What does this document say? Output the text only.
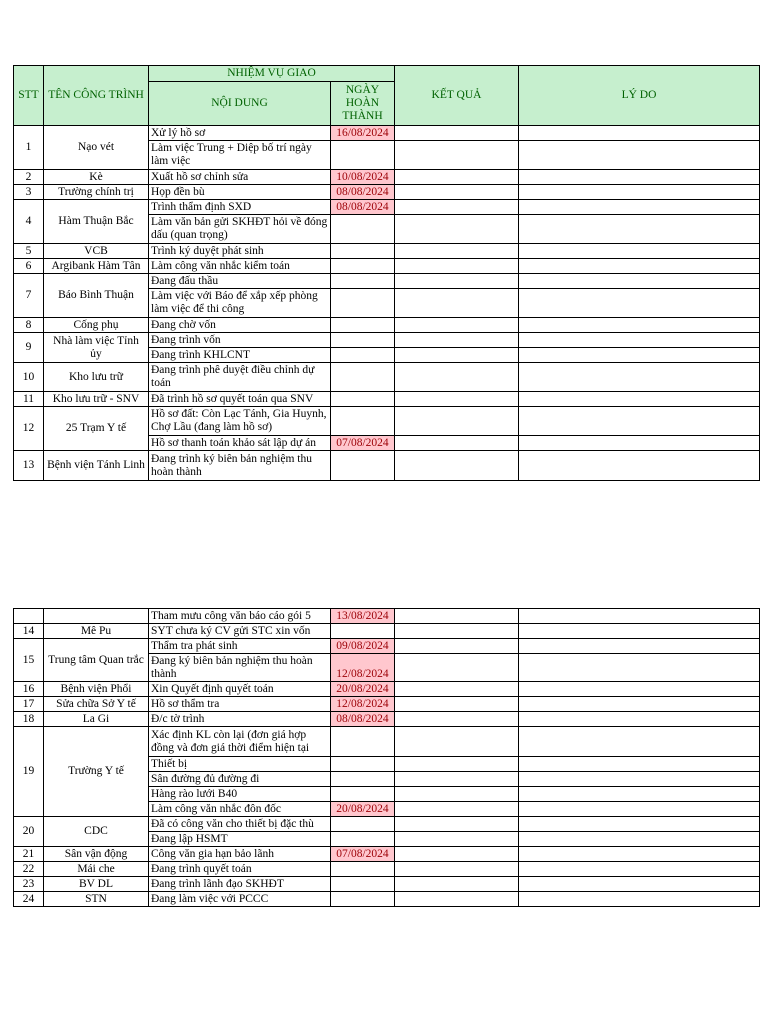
STT	TÊN CÔNG TRÌNH	NHIỆM VỤ GIAO		KẾT QUẢ	LÝ DO
		NỘI DUNG	NGÀY HOÀN THÀNH		
1	Nạo vét	Xử lý hồ sơ	16/08/2024		
		Làm việc Trung + Diệp bố trí ngày làm việc			
2	Kè	Xuất hồ sơ chỉnh sửa	10/08/2024		
3	Trường chính trị	Họp đền bù	08/08/2024		
4	Hàm Thuận Bắc	Trình thẩm định SXD	08/08/2024		
		Làm văn bản gửi SKHĐT hỏi về đóng dấu (quan trọng)			
5	VCB	Trình ký duyệt phát sinh			
6	Argibank Hàm Tân	Làm công văn nhắc kiểm toán			
7	Báo Bình Thuận	Đang đấu thầu			
		Làm việc với Báo để xắp xếp phòng làm việc để thi công			
8	Cống phụ	Đang chờ vốn			
9	Nhà làm việc Tỉnh ủy	Đang trình vốn			
		Đang trình KHLCNT			
10	Kho lưu trữ	Đang trình phê duyệt điều chỉnh dự toán			
11	Kho lưu trữ - SNV	Đã trình hồ sơ quyết toán qua SNV			
12	25 Trạm Y tế	Hồ sơ đất: Còn Lạc Tánh, Gia Huynh, Chợ Lầu (đang làm hồ sơ)			
		Hồ sơ thanh toán khảo sát lập dự án	07/08/2024		
13	Bệnh viện Tánh Linh	Đang trình ký biên bản nghiệm thu hoàn thành			
		Tham mưu công văn báo cáo gói 5	13/08/2024		
14	Mê Pu	SYT chưa ký CV gửi STC xin vốn			
15	Trung tâm Quan trắc	Thẩm tra phát sinh	09/08/2024		
		Đang ký biên bản nghiệm thu hoàn thành	12/08/2024		
16	Bệnh viện Phổi	Xin Quyết định quyết toán	20/08/2024		
17	Sửa chữa Sở Y tế	Hồ sơ thẩm tra	12/08/2024		
18	La Gi	Đ/c tờ trình	08/08/2024		
19	Trường Y tế	Xác định KL còn lại (đơn giá hợp đồng và đơn giá thời điểm hiện tại			
		Thiết bị			
		Sân đường đủ đường đi			
		Hàng rào lưới B40			
		Làm công văn nhắc đôn đốc	20/08/2024		
20	CDC	Đã có công văn cho thiết bị đặc thù			
		Đang lập HSMT			
21	Sân vận động	Công văn gia hạn bảo lãnh	07/08/2024		
22	Mái che	Đang trình quyết toán			
23	BV DL	Đang trình lãnh đạo SKHĐT			
24	STN	Đang làm việc với PCCC			
